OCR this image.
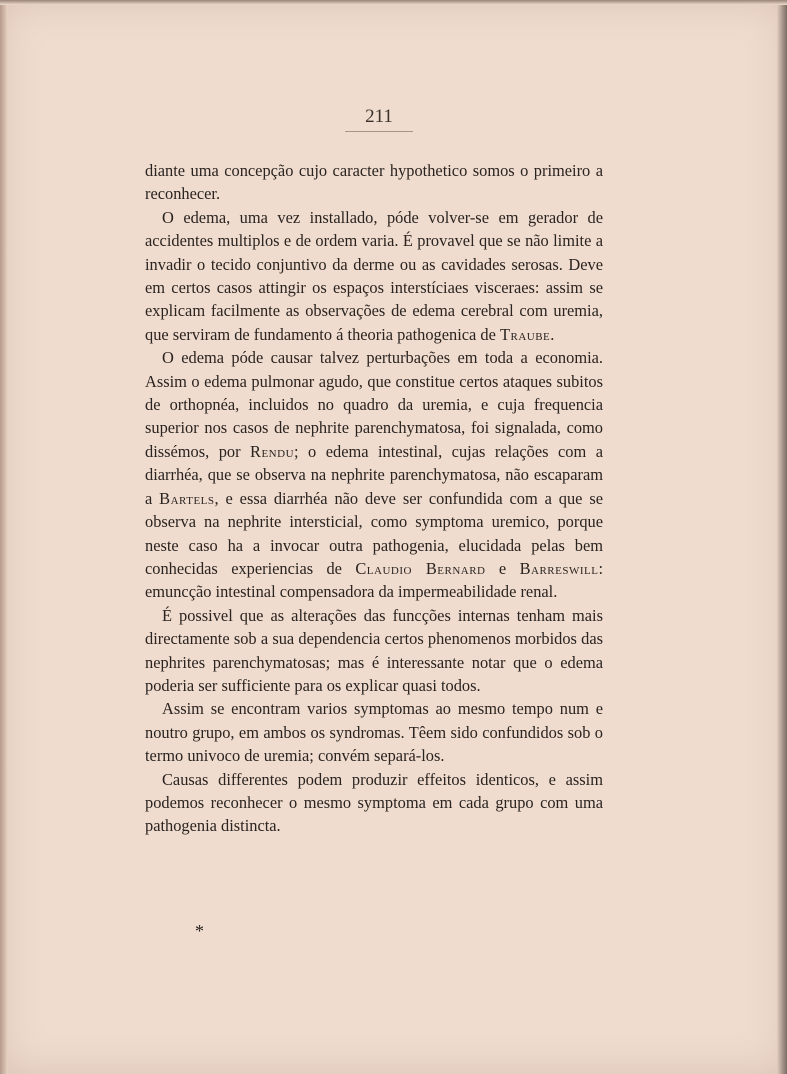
211

diante uma concepção cujo caracter hypothetico somos o primeiro a reconhecer.

O edema, uma vez installado, póde volver-se em gerador de accidentes multiplos e de ordem varia. É provavel que se não limite a invadir o tecido conjuntivo da derme ou as cavidades serosas. Deve em certos casos attingir os espaços interstíciaes visceraes: assim se explicam facilmente as observações de edema cerebral com uremia, que serviram de fundamento á theoria pathogenica de Traube.

O edema póde causar talvez perturbações em toda a economia. Assim o edema pulmonar agudo, que constitue certos ataques subitos de orthopnéa, incluidos no quadro da uremia, e cuja frequencia superior nos casos de nephrite parenchymatosa, foi signalada, como dissémos, por Rendu; o edema intestinal, cujas relações com a diarrhéa, que se observa na nephrite parenchymatosa, não escaparam a Bartels, e essa diarrhéa não deve ser confundida com a que se observa na nephrite intersticial, como symptoma uremico, porque neste caso ha a invocar outra pathogenia, elucidada pelas bem conhecidas experiencias de Claudio Bernard e Barreswill: emuncção intestinal compensadora da impermeabilidade renal.

É possivel que as alterações das funcções internas tenham mais directamente sob a sua dependencia certos phenomenos morbidos das nephrites parenchymatosas; mas é interessante notar que o edema poderia ser sufficiente para os explicar quasi todos.

Assim se encontram varios symptomas ao mesmo tempo num e noutro grupo, em ambos os syndromas. Têem sido confundidos sob o termo univoco de uremia; convém separá-los.

Causas differentes podem produzir effeitos identicos, e assim podemos reconhecer o mesmo symptoma em cada grupo com uma pathogenia distincta.

*
